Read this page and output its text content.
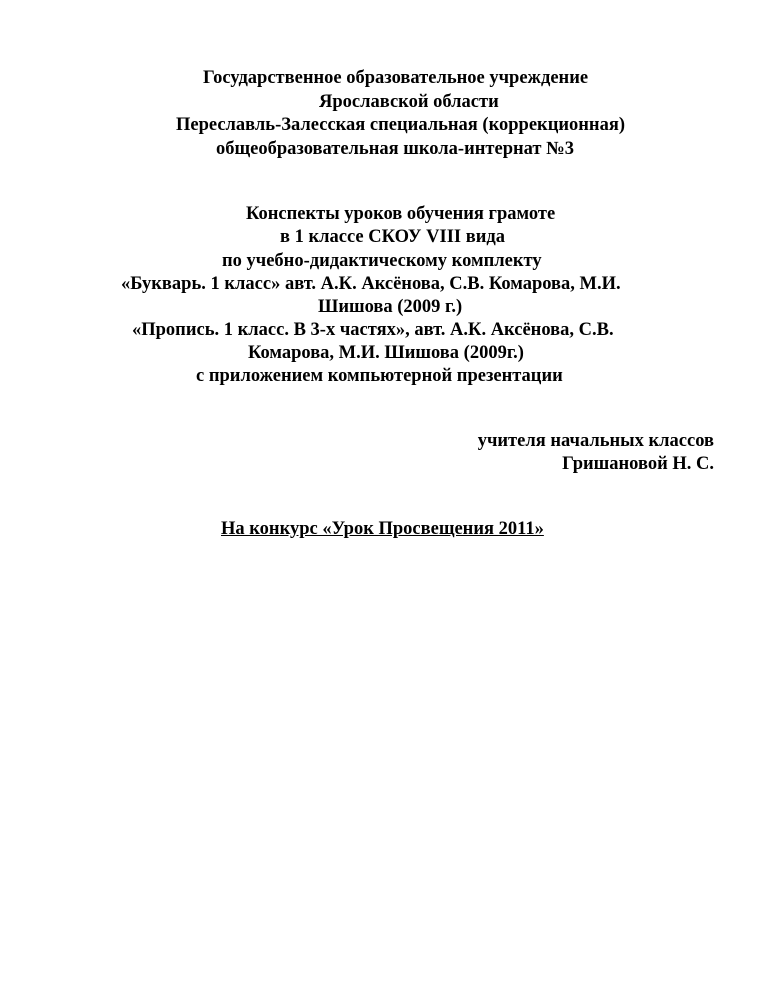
Государственное образовательное учреждение
Ярославской области
Переславль-Залесская специальная (коррекционная)
общеобразовательная школа-интернат №3
Конспекты уроков обучения грамоте
в 1 классе СКОУ VIII вида
по учебно-дидактическому комплекту
«Букварь. 1 класс» авт. А.К. Аксёнова, С.В. Комарова, М.И.
Шишова (2009 г.)
«Пропись. 1 класс. В 3-х частях», авт. А.К. Аксёнова, С.В.
Комарова, М.И. Шишова (2009г.)
с приложением компьютерной презентации
учителя начальных классов
Гришановой Н. С.
На конкурс «Урок Просвещения 2011»
